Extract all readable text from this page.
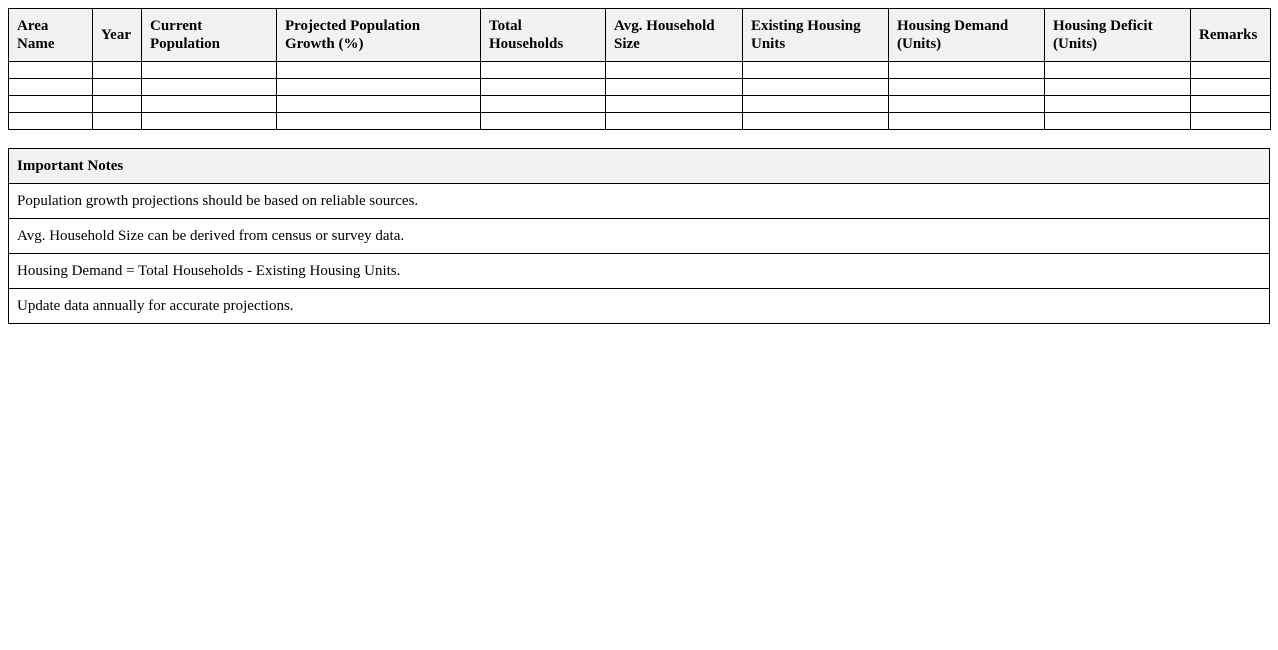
Area Name	Year	Current Population	Projected Population Growth (%)	Total Households	Avg. Household Size	Existing Housing Units	Housing Demand (Units)	Housing Deficit (Units)	Remarks

Important Notes
Population growth projections should be based on reliable sources.
Avg. Household Size can be derived from census or survey data.
Housing Demand = Total Households - Existing Housing Units.
Update data annually for accurate projections.
